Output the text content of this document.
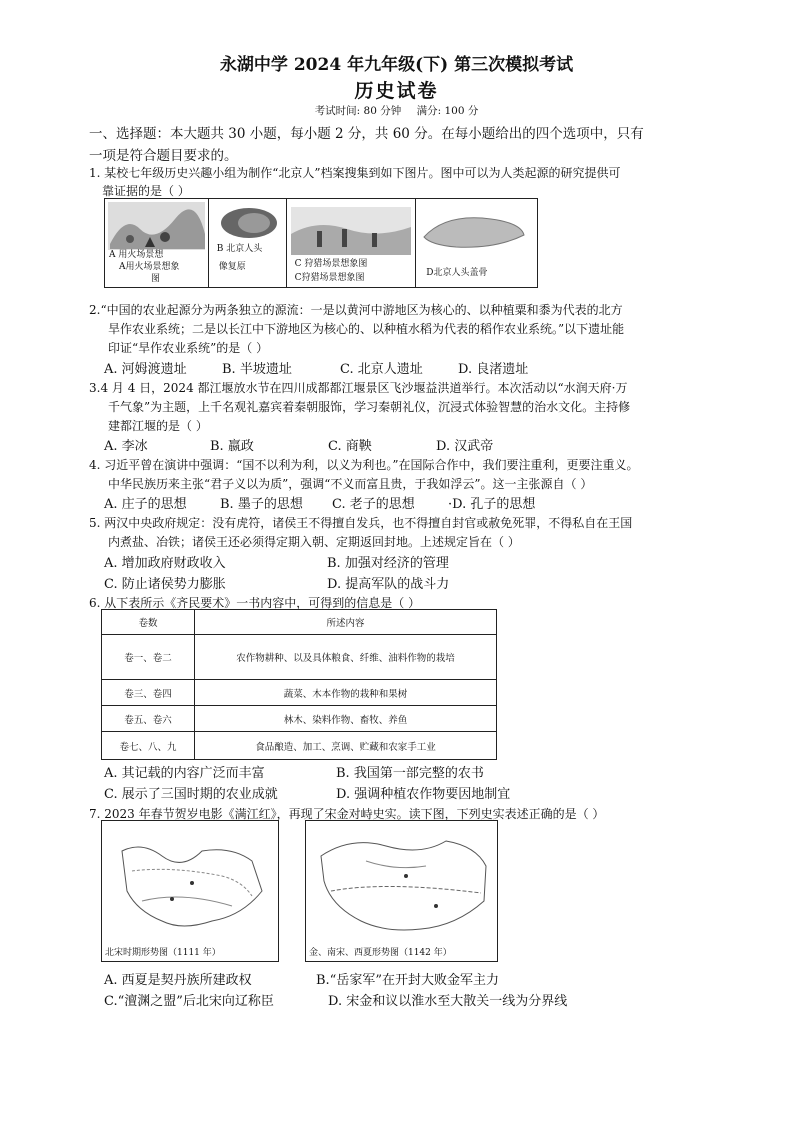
永湖中学 2024 年九年级(下) 第三次模拟考试
历史试卷
考试时间: 80 分钟 满分: 100 分
一、选择题：本大题共 30 小题，每小题 2 分，共 60 分。在每小题给出的四个选项中，只有
一项是符合题目要求的。
1. 某校七年级历史兴趣小组为制作“北京人”档案搜集到如下图片。图中可以为人类起源的研究提供可
靠证据的是（ ）
A 用火场景想
A用火场景想象
图
B 北京人头
像复原	C 狩猎场景想象图
C狩猎场景想象图	D北京人头盖骨
2.“中国的农业起源分为两条独立的源流：一是以黄河中游地区为核心的、以种植粟和黍为代表的北方
旱作农业系统；二是以长江中下游地区为核心的、以种植水稻为代表的稻作农业系统。”以下遗址能
印证“旱作农业系统”的是（ ）
A. 河姆渡遗址	B. 半坡遗址	C. 北京人遗址	D. 良渚遗址
3.4 月 4 日，2024 都江堰放水节在四川成都都江堰景区飞沙堰益洪道举行。本次活动以“水润天府·万
千气象”为主题，上千名观礼嘉宾着秦朝服饰，学习秦朝礼仪，沉浸式体验智慧的治水文化。主持修
建都江堰的是（ ）
A. 李冰	B. 嬴政	C. 商鞅	D. 汉武帝
4. 习近平曾在演讲中强调：“国不以利为利，以义为利也。”在国际合作中，我们要注重利，更要注重义。
中华民族历来主张“君子义以为质”，强调“不义而富且贵，于我如浮云”。这一主张源自（ ）
A. 庄子的思想	B. 墨子的思想 C. 老子的思想	·D. 孔子的思想
5. 两汉中央政府规定：没有虎符，诸侯王不得擅自发兵，也不得擅自封官或赦免死罪，不得私自在王国
内煮盐、冶铁；诸侯王还必须得定期入朝、定期返回封地。上述规定旨在（ ）
A. 增加政府财政收入	B. 加强对经济的管理
C. 防止诸侯势力膨胀	D. 提高军队的战斗力
6. 从下表所示《齐民要术》一书内容中，可得到的信息是（ ）
卷数	所述内容
卷一、卷二	农作物耕种、以及具体粮食、纤维、油料作物的栽培
卷三、卷四	蔬菜、木本作物的栽种和果树
卷五、卷六	林木、染料作物、畜牧、养鱼
卷七、八、九	食品酿造、加工、烹调、贮藏和农家手工业
A. 其记载的内容广泛而丰富	B. 我国第一部完整的农书
C. 展示了三国时期的农业成就	D. 强调种植农作物要因地制宜
7. 2023 年春节贺岁电影《满江红》，再现了宋金对峙史实。读下图，下列史实表述正确的是（ ）
北宋时期形势图（1111 年）	金、南宋、西夏形势图（1142 年）
A. 西夏是契丹族所建政权	B.“岳家军”在开封大败金军主力
C.“澶渊之盟”后北宋向辽称臣	D. 宋金和议以淮水至大散关一线为分界线
